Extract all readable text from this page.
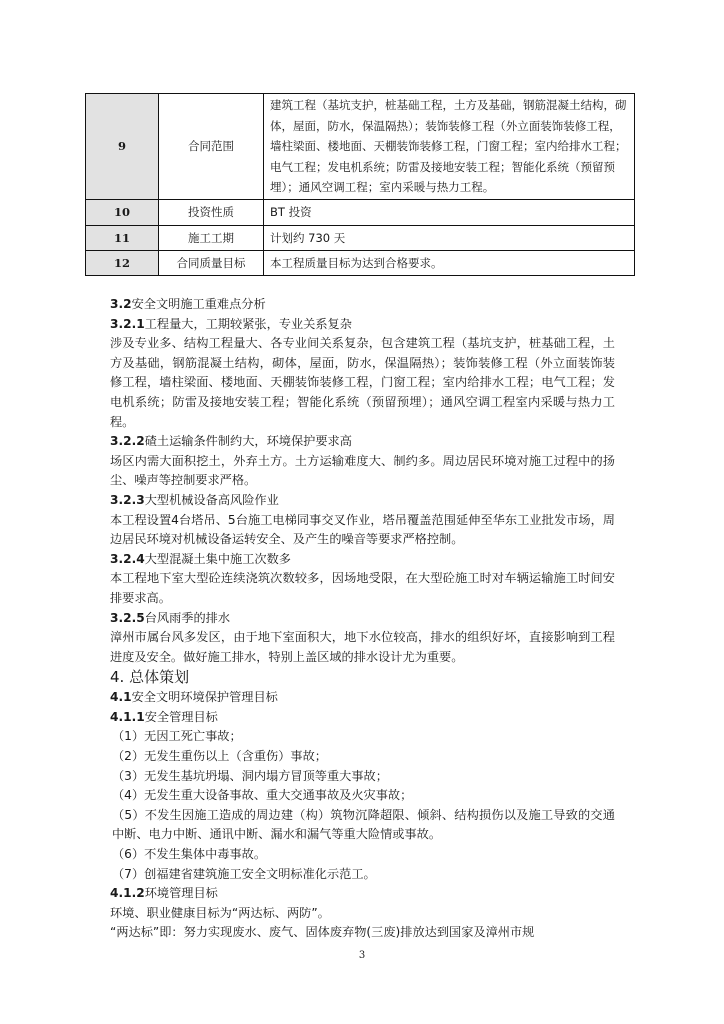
9	合同范围	建筑工程（基坑支护，桩基础工程，土方及基础，钢筋混凝土结构，砌体，屋面，防水，保温隔热）；装饰装修工程（外立面装饰装修工程，墙柱梁面、楼地面、天棚装饰装修工程，门窗工程；室内给排水工程；电气工程；发电机系统；防雷及接地安装工程；智能化系统（预留预埋）；通风空调工程；室内采暖与热力工程。
10	投资性质	BT 投资
11	施工工期	计划约 730 天
12	合同质量目标	本工程质量目标为达到合格要求。

3.2安全文明施工重难点分析

3.2.1工程量大，工期较紧张，专业关系复杂

涉及专业多、结构工程量大、各专业间关系复杂，包含建筑工程（基坑支护，桩基础工程，土方及基础，钢筋混凝土结构，砌体，屋面，防水，保温隔热）；装饰装修工程（外立面装饰装修工程，墙柱梁面、楼地面、天棚装饰装修工程，门窗工程；室内给排水工程；电气工程；发电机系统；防雷及接地安装工程；智能化系统（预留预埋）；通风空调工程室内采暖与热力工程。

3.2.2碴土运输条件制约大，环境保护要求高

场区内需大面积挖土，外弃土方。土方运输难度大、制约多。周边居民环境对施工过程中的扬尘、噪声等控制要求严格。

3.2.3大型机械设备高风险作业

本工程设置4台塔吊、5台施工电梯同事交叉作业，塔吊覆盖范围延伸至华东工业批发市场，周边居民环境对机械设备运转安全、及产生的噪音等要求严格控制。

3.2.4大型混凝土集中施工次数多

本工程地下室大型砼连续浇筑次数较多，因场地受限，在大型砼施工时对车辆运输施工时间安排要求高。

3.2.5台风雨季的排水

漳州市属台风多发区，由于地下室面积大，地下水位较高，排水的组织好坏，直接影响到工程进度及安全。做好施工排水，特别上盖区域的排水设计尤为重要。

4. 总体策划

4.1安全文明环境保护管理目标

4.1.1安全管理目标

（1）无因工死亡事故；

（2）无发生重伤以上（含重伤）事故；

（3）无发生基坑坍塌、洞内塌方冒顶等重大事故；

（4）无发生重大设备事故、重大交通事故及火灾事故；

（5）不发生因施工造成的周边建（构）筑物沉降超限、倾斜、结构损伤以及施工导致的交通中断、电力中断、通讯中断、漏水和漏气等重大险情或事故。

（6）不发生集体中毒事故。

（7）创福建省建筑施工安全文明标准化示范工。

4.1.2环境管理目标

环境、职业健康目标为“两达标、两防”。

“两达标”即：努力实现废水、废气、固体废弃物(三废)排放达到国家及漳州市规

3
